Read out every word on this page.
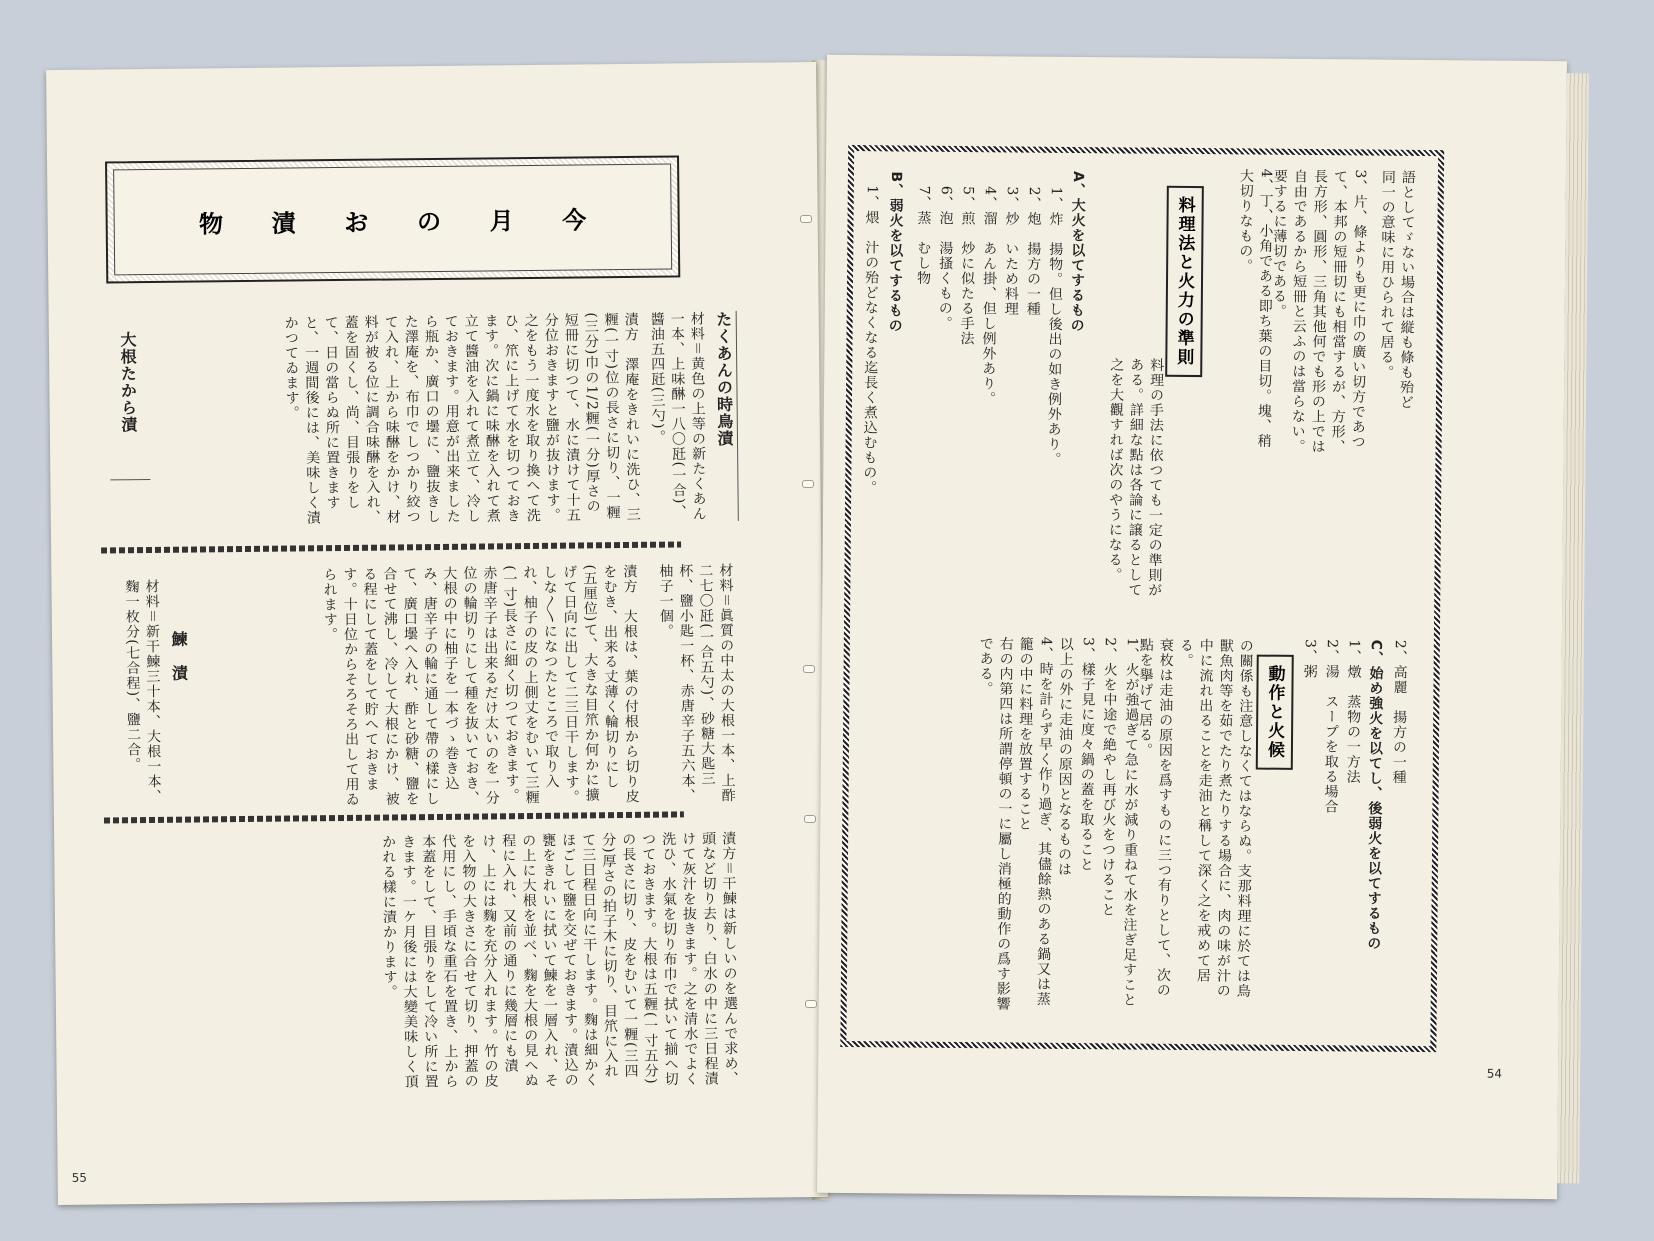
今
月
の
お
漬
物
たくあんの時鳥漬
材料＝黄色の上等の新たくあん一本、上味醂一八〇瓩(一合)、醬油五四瓩(三勺)。
漬方　澤庵をきれいに洗ひ、三糎(一寸)位の長さに切り、一糎(三分)巾の1/2糎(一分)厚さの短冊に切つて、水に漬けて十五分位おきますと鹽が抜けます。之をもう一度水を取り換へて洗ひ、笊に上げて水を切つておきます。次に鍋に味醂を入れて煮立て醬油を入れて煮立て、冷しておきます。用意が出来ましたら瓶か、廣口の壜に、鹽抜きした澤庵を、布巾でしつかり絞つて入れ、上から味醂をかけ、材料が被る位に調合味醂を入れ、蓋を固くし、尚、目張りをして、日の當らぬ所に置きますと、一週間後には、美味しく漬かつてゐます。
大根たから漬
材料＝眞質の中太の大根一本、上酢二七〇瓩(一合五勺)、砂糖大匙三杯、鹽小匙一杯、赤唐辛子五六本、柚子一個。
漬方　大根は、葉の付根から切り皮をむき、出来る丈薄く輪切りにし(五厘位)て、大きな目笊か何かに擴げて日向に出して二三日干します。しな〳〵になつたところで取り入れ、柚子の皮の上側丈をむいて三糎(一寸)長さに細く切つておきます。赤唐辛子は出来るだけ太いのを一分位の輪切りにして種を抜いておき、大根の中に柚子を一本づゝ巻き込み、唐辛子の輪に通して帶の樣にして、廣口壜へ入れ、酢と砂糖、鹽を合せて沸し、冷して大根にかけ、被る程にして蓋をして貯へておきます。十日位からそろそろ出して用ゐられます。
鰊　漬
材料＝新干鰊三十本、大根一本、麴一枚分(七合程)、鹽二合。
漬方＝干鰊は新しいのを選んで求め、頭など切り去り、白水の中に三日程漬けて灰汁を抜きます。之を清水でよく洗ひ、水氣を切り布巾で拭いて揃へ切つておきます。大根は五糎(一寸五分)の長さに切り、皮をむいて一糎(三四分)厚さの拍子木に切り、目笊に入れて三日程日向に干します。麴は細かくほごして鹽を交ぜておきます。漬込の甕をきれいに拭いて鰊を一層入れ、その上に大根を並べ、麴を大根の見へぬ程に入れ、又前の通りに幾層にも漬け、上には麴を充分入れます。竹の皮を入物の大きさに合せて切り、押蓋の代用にし、手頃な重石を置き、上から本蓋をして、目張りをして冷い所に置きます。一ケ月後には大變美味しく頂かれる樣に漬かります。
55
語としてゞない場合は縦も條も殆ど同一の意味に用ひられて居る。
3、片、條よりも更に巾の廣い切方であつて、本邦の短冊切にも相當するが、方形、長方形、圓形、三角其他何でも形の上では自由であるから短冊と云ふのは當らない。要するに薄切である。
4、丁、小角である即ち葉の目切。塊、稍大切りなもの。
料理法と火力の準則
料理の手法に依つても一定の準則がある。詳細な點は各論に譲るとして之を大觀すれば次のやうになる。
A、大火を以てするもの
1、炸　揚物。但し後出の如き例外あり。
2、炮　揚方の一種
3、炒　いため料理
4、溜　あん掛、但し例外あり。
5、煎　炒に似たる手法
6、泡　湯搔くもの。
7、蒸　むし物
B、弱火を以てするもの
1、煨　汁の殆どなくなる迄長く煮込むもの。
2、高麗　揚方の一種
C、始め強火を以てし、後弱火を以てするもの
1、燉　蒸物の一方法
2、湯　スープを取る場合
3、粥
動作と火候
の關係も注意しなくてはならぬ。支那料理に於ては鳥獸魚肉等を茹でたり煮たりする場合に、肉の味が汁の中に流れ出ることを走油と稱して深く之を戒めて居る。
衰枚は走油の原因を爲すものに三つ有りとして、次の點を擧げて居る。
1、火が強過ぎて急に水が減り重ねて水を注ぎ足すこと
2、火を中途で絶やし再び火をつけること
3、樣子見に度々鍋の蓋を取ること
以上の外に走油の原因となるものは
4、時を計らず早く作り過ぎ、其儘餘熱のある鍋又は蒸籠の中に料理を放置すること
右の内第四は所謂停頓の一に屬し消極的動作の爲す影響である。
54
